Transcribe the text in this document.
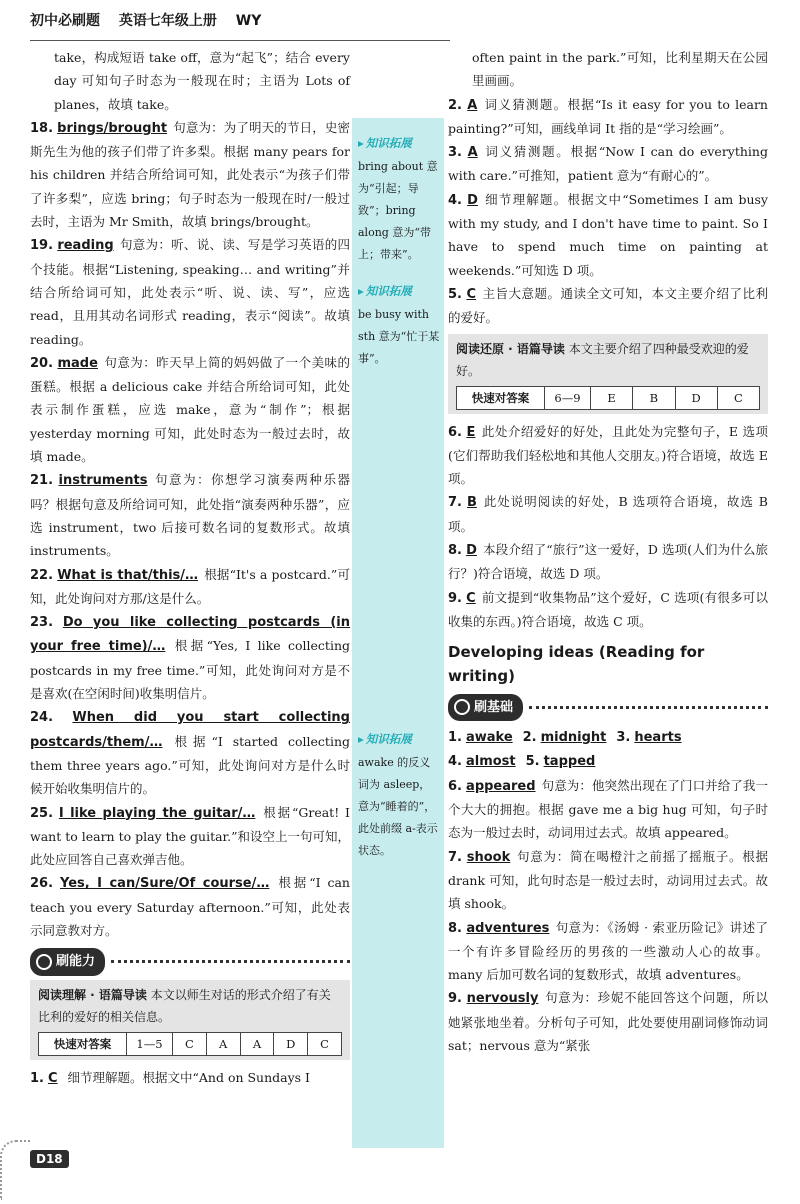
初中必刷题 英语七年级上册 WY

take，构成短语 take off，意为“起飞”；结合 every day 可知句子时态为一般现在时；主语为 Lots of planes，故填 take。

18. brings/brought 句意为：为了明天的节日，史密斯先生为他的孩子们带了许多梨。根据 many pears for his children 并结合所给词可知，此处表示“为孩子们带了许多梨”，应选 bring；句子时态为一般现在时/一般过去时，主语为 Mr Smith，故填 brings/brought。

19. reading 句意为：听、说、读、写是学习英语的四个技能。根据“Listening, speaking… and writing”并结合所给词可知，此处表示“听、说、读、写”，应选 read，且用其动名词形式 reading，表示“阅读”。故填 reading。

20. made 句意为：昨天早上简的妈妈做了一个美味的蛋糕。根据 a delicious cake 并结合所给词可知，此处表示制作蛋糕，应选 make，意为“制作”；根据 yesterday morning 可知，此处时态为一般过去时，故填 made。

21. instruments 句意为：你想学习演奏两种乐器吗？根据句意及所给词可知，此处指“演奏两种乐器”，应选 instrument，two 后接可数名词的复数形式。故填 instruments。

22. What is that/this/… 根据“It's a postcard.”可知，此处询问对方那/这是什么。

23. Do you like collecting postcards (in your free time)/… 根据“Yes, I like collecting postcards in my free time.”可知，此处询问对方是不是喜欢(在空闲时间)收集明信片。

24. When did you start collecting postcards/them/… 根据“I started collecting them three years ago.”可知，此处询问对方是什么时候开始收集明信片的。

25. I like playing the guitar/… 根据“Great! I want to learn to play the guitar.”和设空上一句可知，此处应回答自己喜欢弹吉他。

26. Yes, I can/Sure/Of course/… 根据“I can teach you every Saturday afternoon.”可知，此处表示同意教对方。

刷能力
阅读理解 · 语篇导读 本文以师生对话的形式介绍了有关比利的爱好的相关信息。
快速对答案	1—5	C	A	A	D	C

1. C 细节理解题。根据文中“And on Sundays I

▸ 知识拓展

bring about 意为“引起；导致”；bring along 意为“带上；带来”。

▸ 知识拓展

be busy with sth 意为“忙于某事”。

▸ 知识拓展

awake 的反义词为 asleep，意为“睡着的”，此处前缀 a-表示状态。

often paint in the park.”可知，比利星期天在公园里画画。

2. A 词义猜测题。根据“Is it easy for you to learn painting?”可知，画线单词 It 指的是“学习绘画”。

3. A 词义猜测题。根据“Now I can do everything with care.”可推知，patient 意为“有耐心的”。

4. D 细节理解题。根据文中“Sometimes I am busy with my study, and I don't have time to paint. So I have to spend much time on painting at weekends.”可知选 D 项。

5. C 主旨大意题。通读全文可知，本文主要介绍了比利的爱好。

阅读还原 · 语篇导读 本文主要介绍了四种最受欢迎的爱好。
快速对答案	6—9	E	B	D	C

6. E 此处介绍爱好的好处，且此处为完整句子，E 选项(它们帮助我们轻松地和其他人交朋友。)符合语境，故选 E 项。

7. B 此处说明阅读的好处，B 选项符合语境，故选 B 项。

8. D 本段介绍了“旅行”这一爱好，D 选项(人们为什么旅行？)符合语境，故选 D 项。

9. C 前文提到“收集物品”这个爱好，C 选项(有很多可以收集的东西。)符合语境，故选 C 项。

Developing ideas (Reading for writing)
刷基础

1. awake 2. midnight 3. hearts

4. almost 5. tapped

6. appeared 句意为：他突然出现在了门口并给了我一个大大的拥抱。根据 gave me a big hug 可知，句子时态为一般过去时，动词用过去式。故填 appeared。

7. shook 句意为：简在喝橙汁之前摇了摇瓶子。根据 drank 可知，此句时态是一般过去时，动词用过去式。故填 shook。

8. adventures 句意为：《汤姆 · 索亚历险记》讲述了一个有许多冒险经历的男孩的一些激动人心的故事。many 后加可数名词的复数形式，故填 adventures。

9. nervously 句意为：珍妮不能回答这个问题，所以她紧张地坐着。分析句子可知，此处要使用副词修饰动词 sat；nervous 意为“紧张

D18
